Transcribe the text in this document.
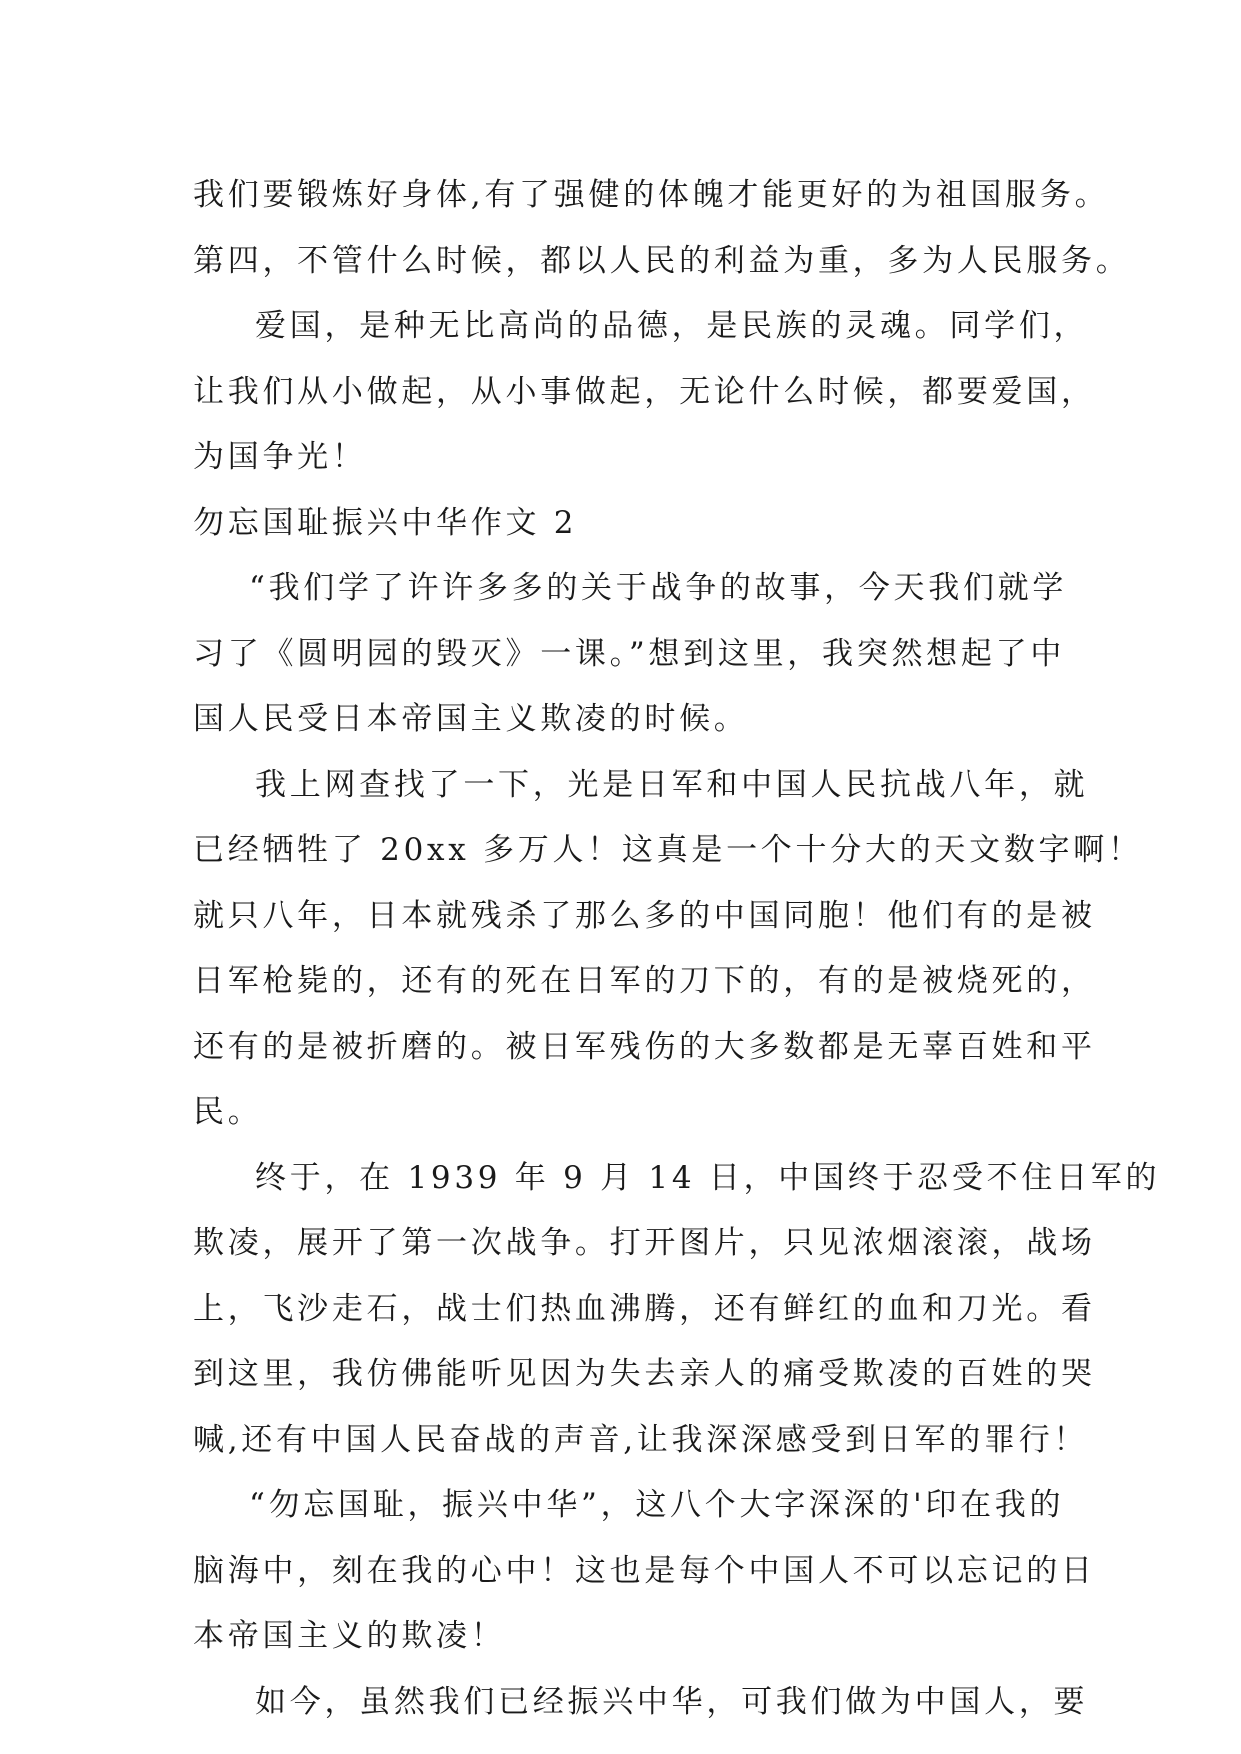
我们要锻炼好身体,有了强健的体魄才能更好的为祖国服务。
第四，不管什么时候，都以人民的利益为重，多为人民服务。
爱国，是种无比高尚的品德，是民族的灵魂。同学们，
让我们从小做起，从小事做起，无论什么时候，都要爱国，
为国争光！
勿忘国耻振兴中华作文 2
“我们学了许许多多的关于战争的故事，今天我们就学
习了《圆明园的毁灭》一课。”想到这里，我突然想起了中
国人民受日本帝国主义欺凌的时候。
我上网查找了一下，光是日军和中国人民抗战八年，就
已经牺牲了 20xx 多万人！这真是一个十分大的天文数字啊！
就只八年，日本就残杀了那么多的中国同胞！他们有的是被
日军枪毙的，还有的死在日军的刀下的，有的是被烧死的，
还有的是被折磨的。被日军残伤的大多数都是无辜百姓和平
民。
终于，在 1939 年 9 月 14 日，中国终于忍受不住日军的
欺凌，展开了第一次战争。打开图片，只见浓烟滚滚，战场
上，飞沙走石，战士们热血沸腾，还有鲜红的血和刀光。看
到这里，我仿佛能听见因为失去亲人的痛受欺凌的百姓的哭
喊,还有中国人民奋战的声音,让我深深感受到日军的罪行！
“勿忘国耻，振兴中华”，这八个大字深深的'印在我的
脑海中，刻在我的心中！这也是每个中国人不可以忘记的日
本帝国主义的欺凌！
如今，虽然我们已经振兴中华，可我们做为中国人，要
